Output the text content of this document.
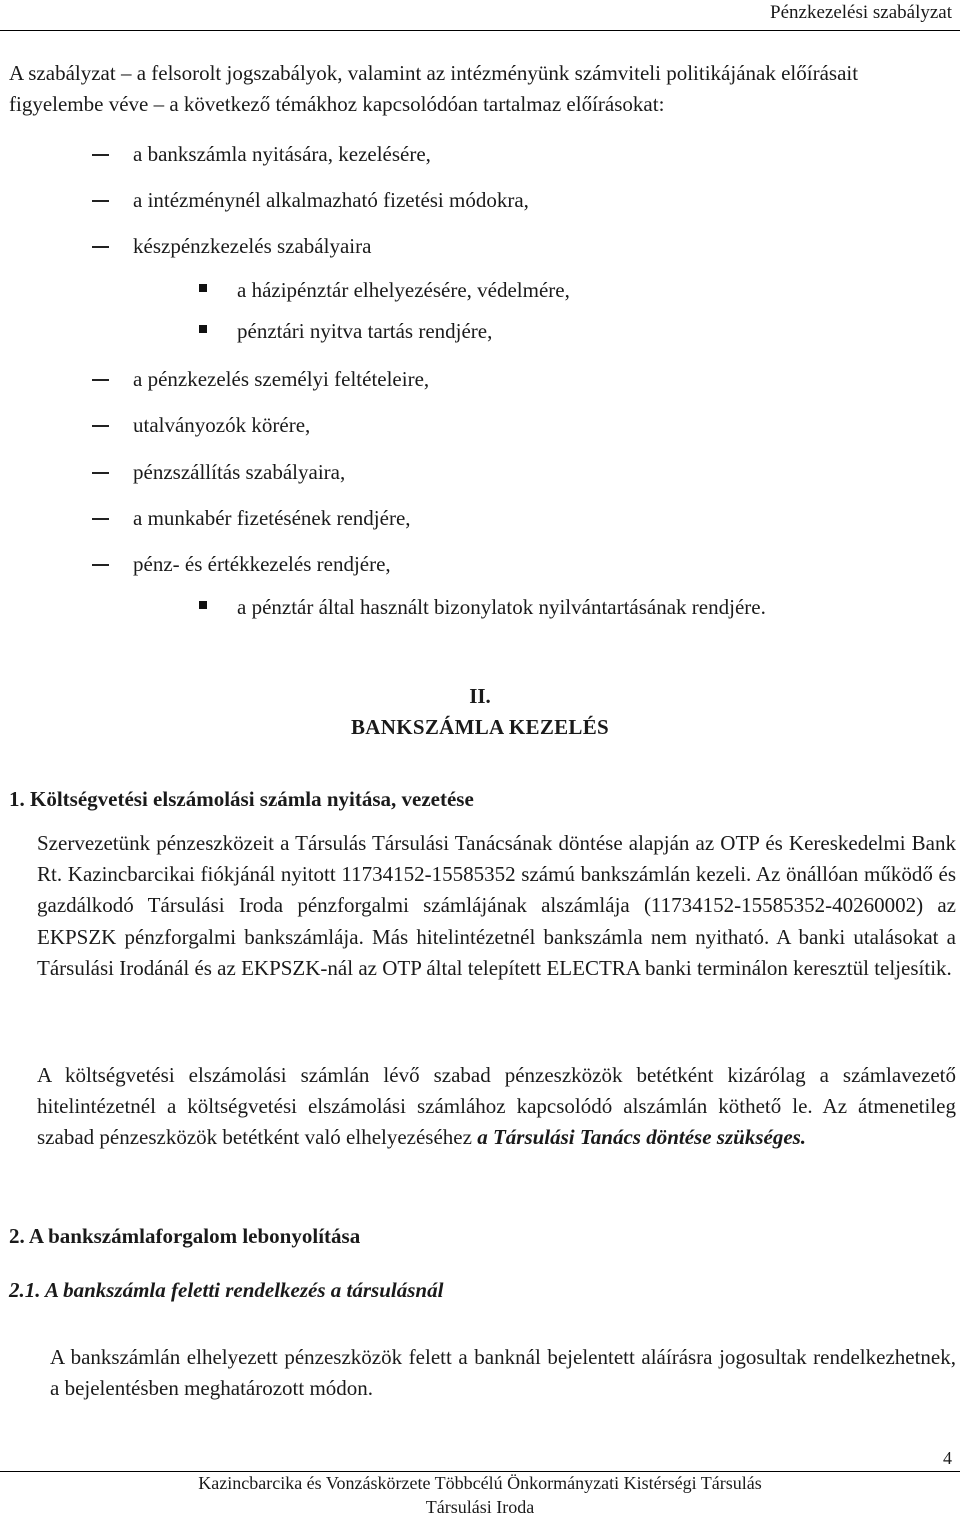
Pénzkezelési szabályzat
A szabályzat – a felsorolt jogszabályok, valamint az intézményünk számviteli politikájának előírásait figyelembe véve – a következő témákhoz kapcsolódóan tartalmaz előírásokat:
a bankszámla nyitására, kezelésére,
a intézménynél alkalmazható fizetési módokra,
készpénzkezelés szabályaira
a házipénztár elhelyezésére, védelmére,
pénztári nyitva tartás rendjére,
a pénzkezelés személyi feltételeire,
utalványozók körére,
pénzszállítás szabályaira,
a munkabér fizetésének rendjére,
pénz- és értékkezelés rendjére,
a pénztár által használt bizonylatok nyilvántartásának rendjére.
II.
BANKSZÁMLA KEZELÉS
1. Költségvetési elszámolási számla nyitása, vezetése
Szervezetünk pénzeszközeit a Társulás Társulási Tanácsának döntése alapján az OTP és Kereskedelmi Bank Rt. Kazincbarcikai fiókjánál nyitott 11734152-15585352 számú bankszámlán kezeli. Az önállóan működő és gazdálkodó Társulási Iroda pénzforgalmi számlájának alszámlája (11734152-15585352-40260002) az EKPSZK pénzforgalmi bankszámlája. Más hitelintézetnél bankszámla nem nyitható. A banki utalásokat a Társulási Irodánál és az EKPSZK-nál az OTP által telepített ELECTRA banki terminálon keresztül teljesítik.
A költségvetési elszámolási számlán lévő szabad pénzeszközök betétként kizárólag a számlavezető hitelintézetnél a költségvetési elszámolási számlához kapcsolódó alszámlán köthető le. Az átmenetileg szabad pénzeszközök betétként való elhelyezéséhez a Társulási Tanács döntése szükséges.
2. A bankszámlaforgalom lebonyolítása
2.1. A bankszámla feletti rendelkezés a társulásnál
A bankszámlán elhelyezett pénzeszközök felett a banknál bejelentett aláírásra jogosultak rendelkezhetnek, a bejelentésben meghatározott módon.
4
Kazincbarcika és Vonzáskörzete Többcélú Önkormányzati Kistérségi Társulás
Társulási Iroda
